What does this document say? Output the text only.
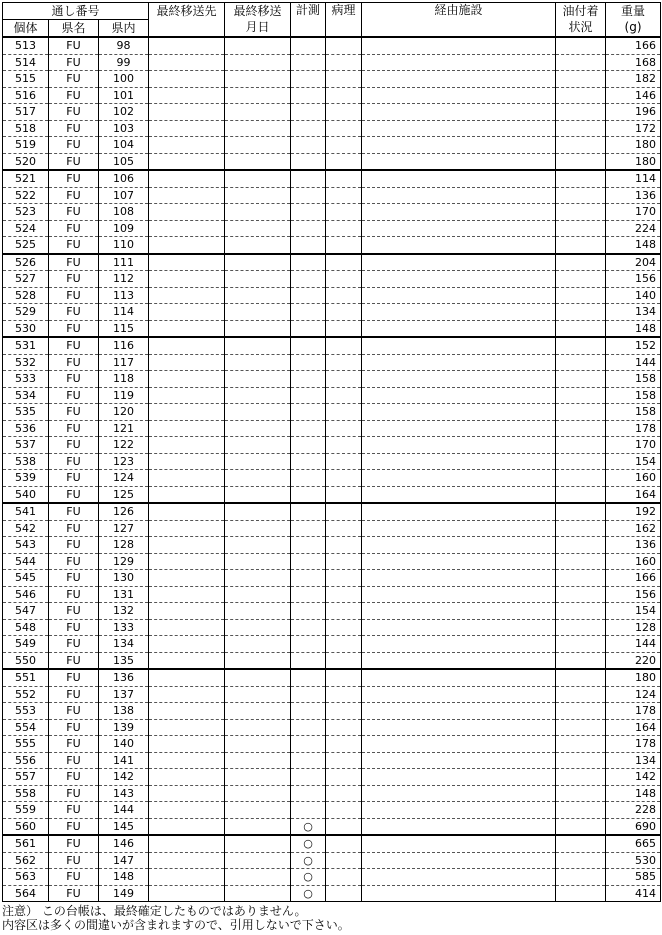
通し番号			最終移送先	最終移送	計測	病理	経由施設	油付着	重量
個体	県名	県内		月日				状況	(g)
513	FU	98							166
514	FU	99							168
515	FU	100							182
516	FU	101							146
517	FU	102							196
518	FU	103							172
519	FU	104							180
520	FU	105							180
521	FU	106							114
522	FU	107							136
523	FU	108							170
524	FU	109							224
525	FU	110							148
526	FU	111							204
527	FU	112							156
528	FU	113							140
529	FU	114							134
530	FU	115							148
531	FU	116							152
532	FU	117							144
533	FU	118							158
534	FU	119							158
535	FU	120							158
536	FU	121							178
537	FU	122							170
538	FU	123							154
539	FU	124							160
540	FU	125							164
541	FU	126							192
542	FU	127							162
543	FU	128							136
544	FU	129							160
545	FU	130							166
546	FU	131							156
547	FU	132							154
548	FU	133							128
549	FU	134							144
550	FU	135							220
551	FU	136							180
552	FU	137							124
553	FU	138							178
554	FU	139							164
555	FU	140							178
556	FU	141							134
557	FU	142							142
558	FU	143							148
559	FU	144							228
560	FU	145			○				690
561	FU	146			○				665
562	FU	147			○				530
563	FU	148			○				585
564	FU	149			○				414
注意） この台帳は、最終確定したものではありません。
内容区は多くの間違いが含まれますので、引用しないで下さい。
